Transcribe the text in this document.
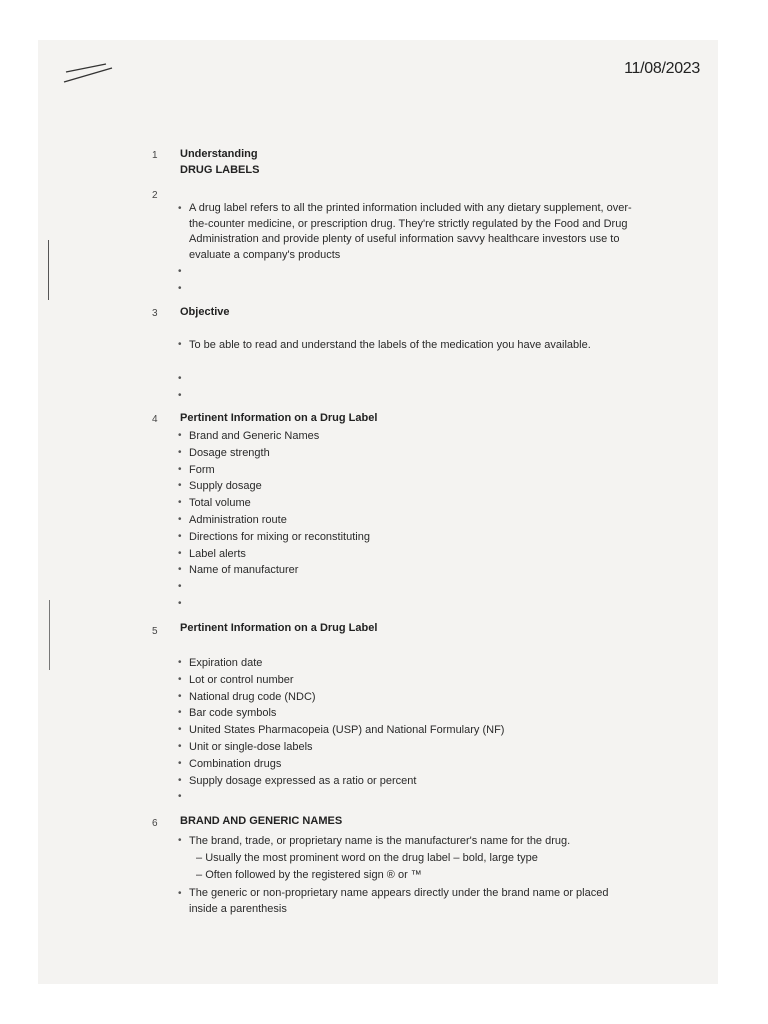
11/08/2023
1 Understanding
DRUG LABELS
2

• A drug label refers to all the printed information included with any dietary supplement, over-the-counter medicine, or prescription drug. They're strictly regulated by the Food and Drug Administration and provide plenty of useful information savvy healthcare investors use to evaluate a company's products

•
•
3 Objective
• To be able to read and understand the labels of the medication you have available.
•
•
4 Pertinent Information on a Drug Label
• Brand and Generic Names
• Dosage strength
• Form
• Supply dosage
• Total volume
• Administration route
• Directions for mixing or reconstituting
• Label alerts
• Name of manufacturer
•
•
5 Pertinent Information on a Drug Label
• Expiration date
• Lot or control number
• National drug code (NDC)
• Bar code symbols
• United States Pharmacopeia (USP) and National Formulary (NF)
• Unit or single-dose labels
• Combination drugs
• Supply dosage expressed as a ratio or percent
•
6 BRAND AND GENERIC NAMES
• The brand, trade, or proprietary name is the manufacturer's name for the drug.
– Usually the most prominent word on the drug label – bold, large type
– Often followed by the registered sign ® or ™

• The generic or non-proprietary name appears directly under the brand name or placed inside a parenthesis
